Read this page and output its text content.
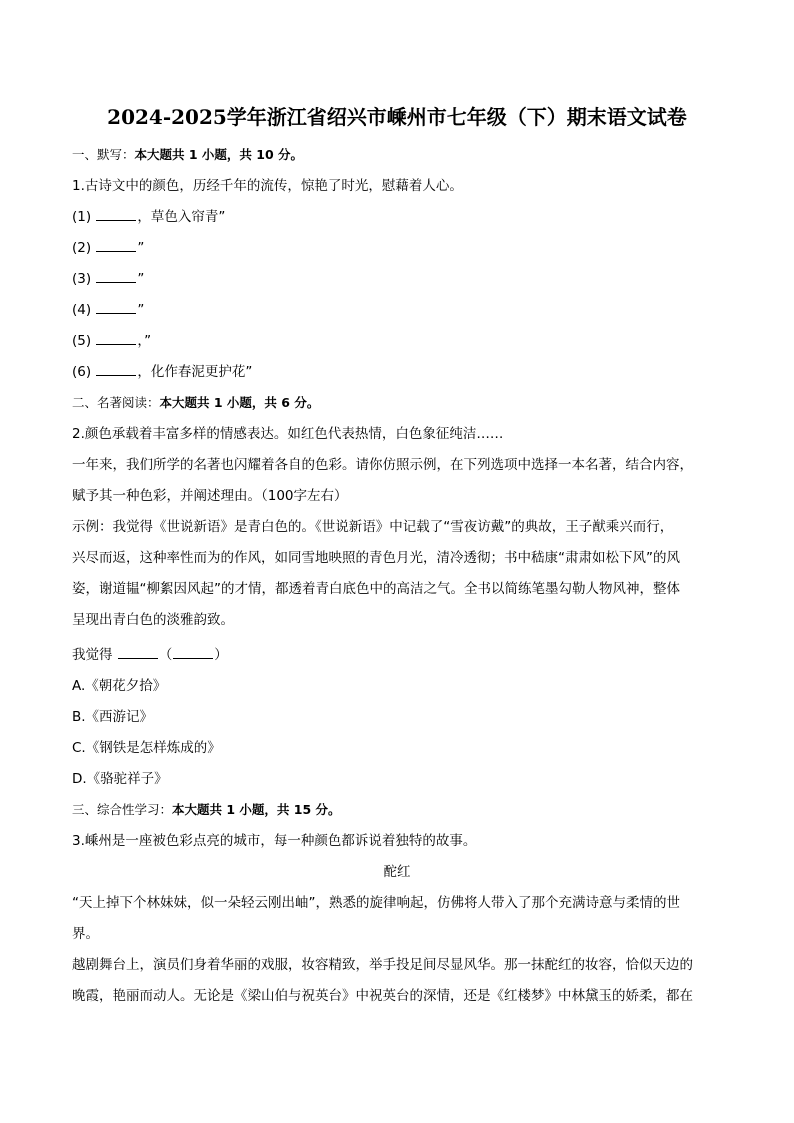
2024-2025学年浙江省绍兴市嵊州市七年级（下）期末语文试卷
一、默写：本大题共 1 小题，共 10 分。
1.古诗文中的颜色，历经千年的流传，惊艳了时光，慰藉着人心。
(1)	，草色入帘青”
(2)	”
(3)	”
(4)	”
(5)	，”
(6)	，化作春泥更护花”
二、名著阅读：本大题共 1 小题，共 6 分。
2.颜色承载着丰富多样的情感表达。如红色代表热情，白色象征纯洁……
一年来，我们所学的名著也闪耀着各自的色彩。请你仿照示例，在下列选项中选择一本名著，结合内容，
赋予其一种色彩，并阐述理由。（100字左右）
示例：我觉得《世说新语》是青白色的。《世说新语》中记载了“雪夜访戴”的典故，王子猷乘兴而行，
兴尽而返，这种率性而为的作风，如同雪地映照的青色月光，清冷透彻；书中嵇康“肃肃如松下风”的风
姿，谢道韫“柳絮因风起”的才情，都透着青白底色中的高洁之气。全书以简练笔墨勾勒人物风神，整体
呈现出青白色的淡雅韵致。
我觉得	（	）
A.《朝花夕拾》
B.《西游记》
C.《钢铁是怎样炼成的》
D.《骆驼祥子》
三、综合性学习：本大题共 1 小题，共 15 分。
3.嵊州是一座被色彩点亮的城市，每一种颜色都诉说着独特的故事。
酡红
“天上掉下个林妹妹，似一朵轻云刚出岫”，熟悉的旋律响起，仿佛将人带入了那个充满诗意与柔情的世
界。
越剧舞台上，演员们身着华丽的戏服，妆容精致，举手投足间尽显风华。那一抹酡红的妆容，恰似天边的
晚霞，艳丽而动人。无论是《梁山伯与祝英台》中祝英台的深情，还是《红楼梦》中林黛玉的娇柔，都在
